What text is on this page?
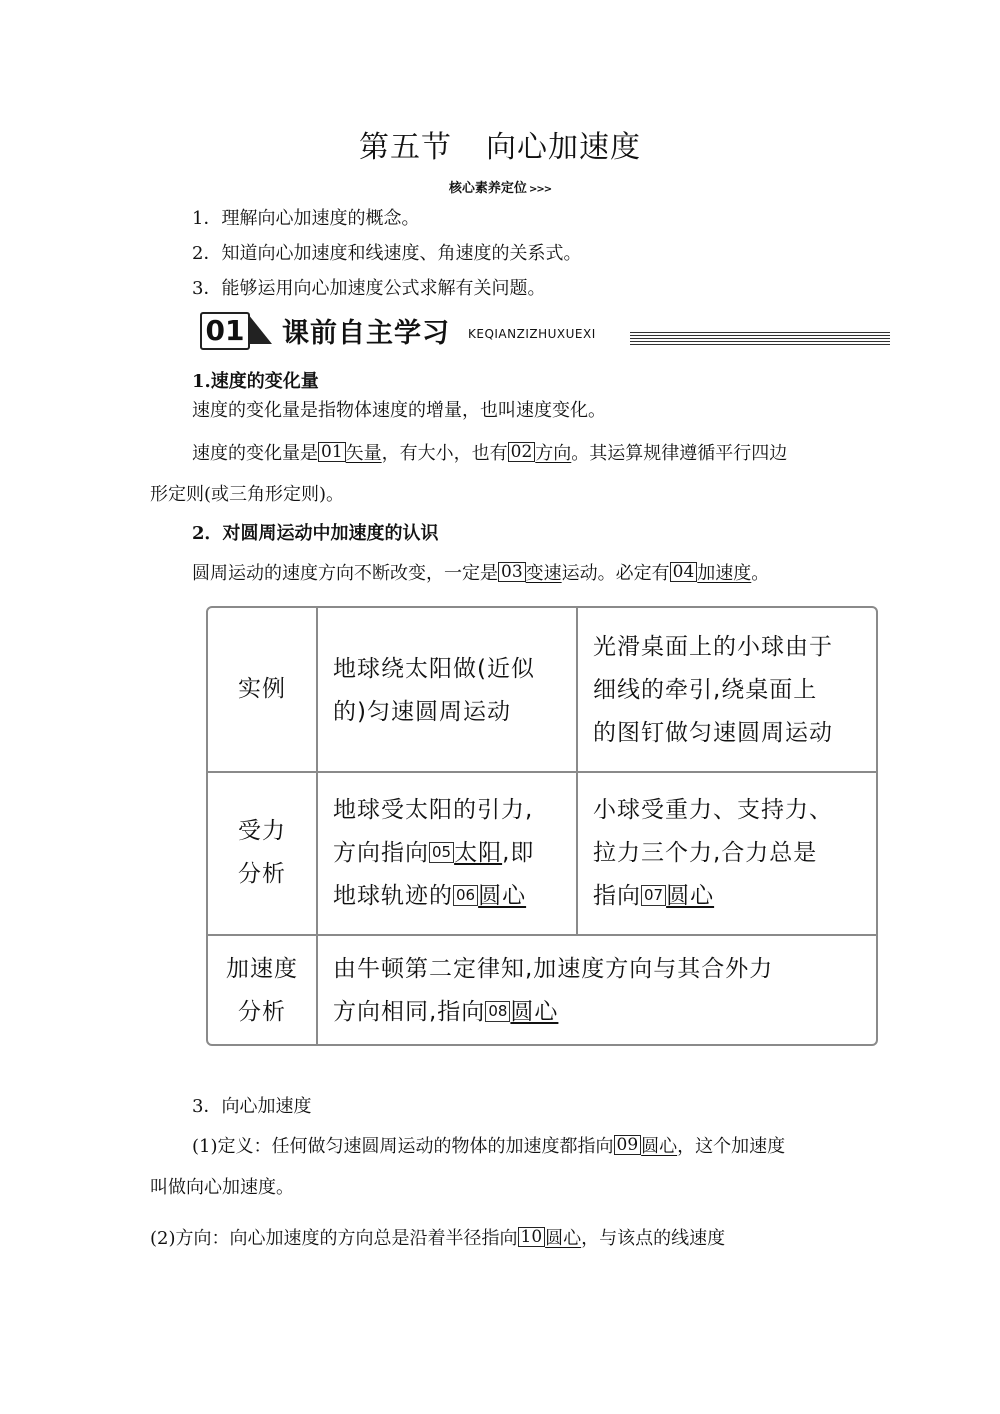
第五节 向心加速度
核心素养定位 >>>
1．理解向心加速度的概念。
2．知道向心加速度和线速度、角速度的关系式。
3．能够运用向心加速度公式求解有关问题。
01 课前自主学习 KEQIANZIZHUXUEXI
1.速度的变化量
速度的变化量是指物体速度的增量，也叫速度变化。
速度的变化量是 01 矢量，有大小，也有 02 方向。其运算规律遵循平行四边
形定则(或三角形定则)。
2．对圆周运动中加速度的认识
圆周运动的速度方向不断改变，一定是 03 变速运动。必定有 04 加速度。
实例
地球绕太阳做(近似
的)匀速圆周运动
光滑桌面上的小球由于
细线的牵引,绕桌面上
的图钉做匀速圆周运动
受力
分析
地球受太阳的引力,
方向指向 05 太阳,即
地球轨迹的 06 圆心
小球受重力、支持力、
拉力三个力,合力总是
指向 07 圆心
加速度
分析
由牛顿第二定律知,加速度方向与其合外力
方向相同,指向 08 圆心
3．向心加速度
(1)定义：任何做匀速圆周运动的物体的加速度都指向 09 圆心，这个加速度
叫做向心加速度。
(2)方向：向心加速度的方向总是沿着半径指向 10 圆心，与该点的线速度
